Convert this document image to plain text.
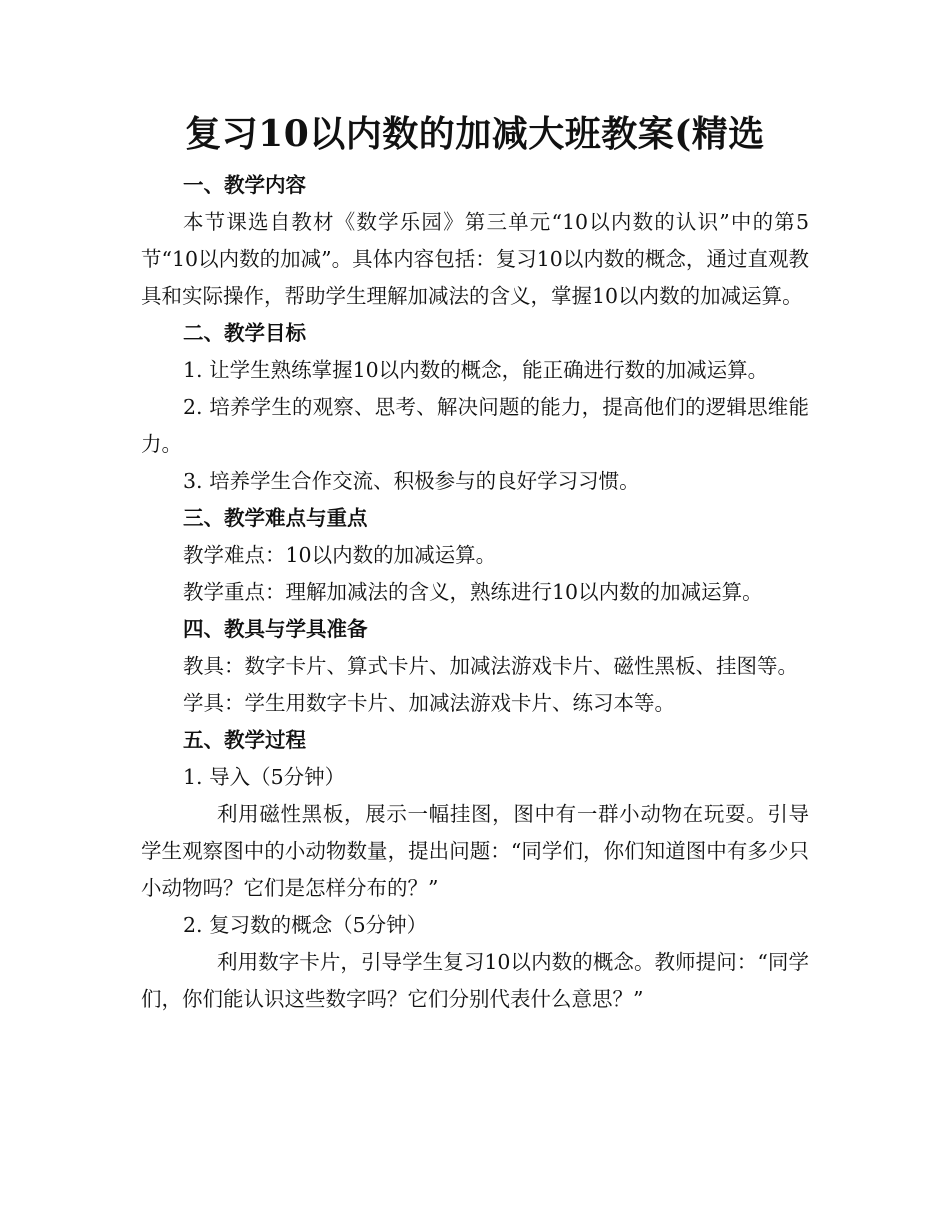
复习10以内数的加减大班教案(精选

一、教学内容

本节课选自教材《数学乐园》第三单元“10以内数的认识”中的第5节“10以内数的加减”。具体内容包括：复习10以内数的概念，通过直观教具和实际操作，帮助学生理解加减法的含义，掌握10以内数的加减运算。

二、教学目标

1. 让学生熟练掌握10以内数的概念，能正确进行数的加减运算。

2. 培养学生的观察、思考、解决问题的能力，提高他们的逻辑思维能力。

3. 培养学生合作交流、积极参与的良好学习习惯。

三、教学难点与重点

教学难点：10以内数的加减运算。

教学重点：理解加减法的含义，熟练进行10以内数的加减运算。

四、教具与学具准备

教具：数字卡片、算式卡片、加减法游戏卡片、磁性黑板、挂图等。

学具：学生用数字卡片、加减法游戏卡片、练习本等。

五、教学过程

1. 导入（5分钟）

利用磁性黑板，展示一幅挂图，图中有一群小动物在玩耍。引导学生观察图中的小动物数量，提出问题：“同学们，你们知道图中有多少只小动物吗？它们是怎样分布的？”

2. 复习数的概念（5分钟）

利用数字卡片，引导学生复习10以内数的概念。教师提问：“同学们，你们能认识这些数字吗？它们分别代表什么意思？”
